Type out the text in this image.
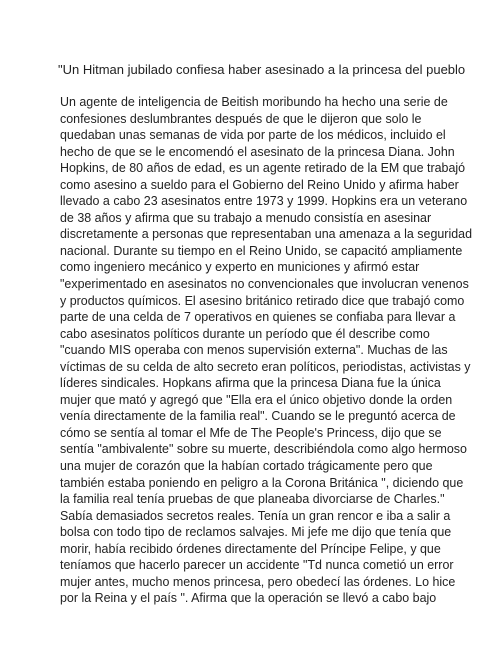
"Un Hitman jubilado confiesa haber asesinado a la princesa del pueblo

Un agente de inteligencia de Beitish moribundo ha hecho una serie de
confesiones deslumbrantes después de que le dijeron que solo le
quedaban unas semanas de vida por parte de los médicos, incluido el
hecho de que se le encomendó el asesinato de la princesa Diana. John
Hopkins, de 80 años de edad, es un agente retirado de la EM que trabajó
como asesino a sueldo para el Gobierno del Reino Unido y afirma haber
llevado a cabo 23 asesinatos entre 1973 y 1999. Hopkins era un veterano
de 38 años y afirma que su trabajo a menudo consistía en asesinar
discretamente a personas que representaban una amenaza a la seguridad
nacional. Durante su tiempo en el Reino Unido, se capacitó ampliamente
como ingeniero mecánico y experto en municiones y afirmó estar
"experimentado en asesinatos no convencionales que involucran venenos
y productos químicos. El asesino británico retirado dice que trabajó como
parte de una celda de 7 operativos en quienes se confiaba para llevar a
cabo asesinatos políticos durante un período que él describe como
"cuando MIS operaba con menos supervisión externa". Muchas de las
víctimas de su celda de alto secreto eran políticos, periodistas, activistas y
líderes sindicales. Hopkans afirma que la princesa Diana fue la única
mujer que mató y agregó que "Ella era el único objetivo donde la orden
venía directamente de la familia real". Cuando se le preguntó acerca de
cómo se sentía al tomar el Mfe de The People's Princess, dijo que se
sentía "ambivalente" sobre su muerte, describiéndola como algo hermoso
una mujer de corazón que la habían cortado trágicamente pero que
también estaba poniendo en peligro a la Corona Británica ", diciendo que
la familia real tenía pruebas de que planeaba divorciarse de Charles."
Sabía demasiados secretos reales. Tenía un gran rencor e iba a salir a
bolsa con todo tipo de reclamos salvajes. Mi jefe me dijo que tenía que
morir, había recibido órdenes directamente del Príncipe Felipe, y que
teníamos que hacerlo parecer un accidente "Td nunca cometió un error
mujer antes, mucho menos princesa, pero obedecí las órdenes. Lo hice
por la Reina y el país ". Afirma que la operación se llevó a cabo bajo
